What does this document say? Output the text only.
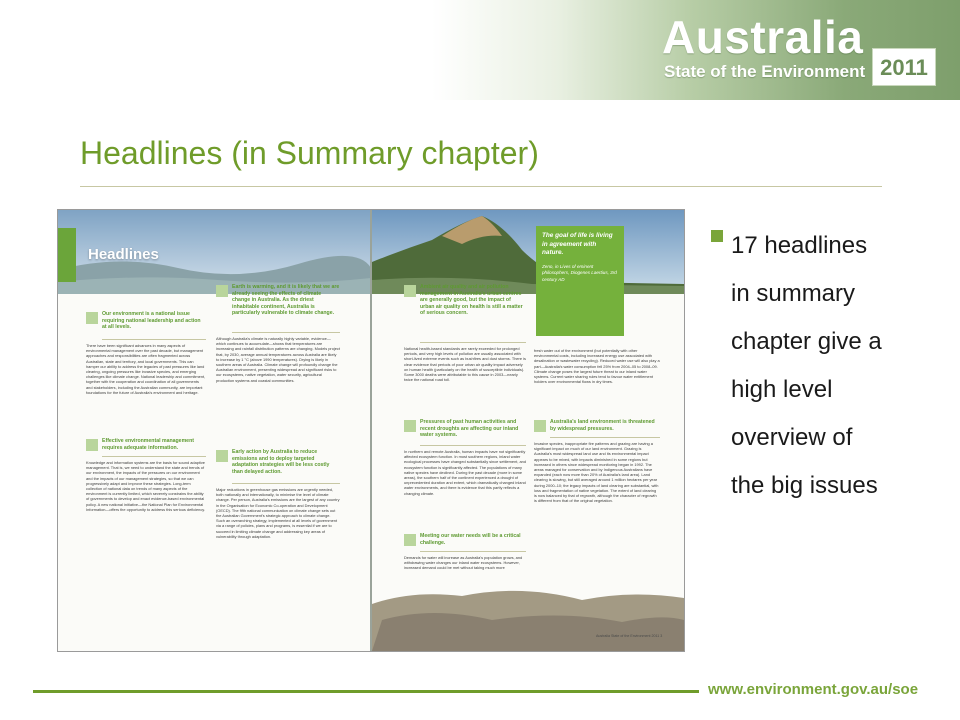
Australia
State of the Environment 2011
Headlines (in Summary chapter)
Headlines
Our environment is a national issue requiring national leadership and action at all levels.
There have been significant advances in many aspects of environmental management over the past decade, but management approaches and responsibilities are often fragmented across Australian, state and territory, and local governments. This can hamper our ability to address the legacies of past pressures like land clearing, ongoing pressures like invasive species, and emerging challenges like climate change. National leadership and commitment, together with the cooperation and coordination of all governments and stakeholders, including the Australian community, are important foundations for the future of Australia's environment and heritage.
Effective environmental management requires adequate information.
Knowledge and information systems are the basis for sound adaptive management. That is, we need to understand the state and trends of our environment, the impacts of the pressures on our environment and the impacts of our management strategies, so that we can progressively adapt and improve these strategies. Long-term collection of national data on trends of many aspects of the environment is currently limited, which severely constrains the ability of governments to develop and enact evidence-based environmental policy. A new national initiative—the National Plan for Environmental Information—offers the opportunity to address this serious deficiency.
Earth is warming, and it is likely that we are already seeing the effects of climate change in Australia. As the driest inhabitable continent, Australia is particularly vulnerable to climate change.
Although Australia's climate is naturally highly variable, evidence—which continues to accumulate—shows that temperatures are increasing and rainfall distribution patterns are changing. Models project that, by 2030, average annual temperatures across Australia are likely to increase by 1 °C (above 1990 temperatures). Drying is likely in southern areas of Australia. Climate change will profoundly change the Australian environment, presenting widespread and significant risks to our ecosystems, native vegetation, water security, agricultural production systems and coastal communities.
Early action by Australia to reduce emissions and to deploy targeted adaptation strategies will be less costly than delayed action.
Major reductions in greenhouse gas emissions are urgently needed, both nationally and internationally, to minimise the level of climate change. Per person, Australia's emissions are the largest of any country in the Organisation for Economic Co-operation and Development (OECD). The fifth national communication on climate change sets out the Australian Government's strategic approach to climate change. Such an overarching strategy, implemented at all levels of government via a range of policies, plans and programs, is essential if we are to succeed in limiting climate change and addressing key areas of vulnerability through adaptation.
The goal of life is living in agreement with nature.
Zeno, in Lives of eminent philosophers, Diogenes Laertius, 3rd century AD
Ambient air quality and air pollution management in Australia's urban centres are generally good, but the impact of urban air quality on health is still a matter of serious concern.
National health-based standards are rarely exceeded for prolonged periods, and very high levels of pollution are usually associated with short-lived extreme events such as bushfires and dust storms. There is clear evidence that periods of poor urban air quality impact adversely on human health (particularly on the health of susceptible individuals). Some 3000 deaths were attributable to this cause in 2003—nearly twice the national road toll.
Pressures of past human activities and recent droughts are affecting our inland water systems.
In northern and remote Australia, human impacts have not significantly affected ecosystem function. In most southern regions, inland water ecological processes have changed substantially since settlement, and ecosystem function is significantly affected. The populations of many native species have declined. During the past decade (more in some areas), the southern half of the continent experienced a drought of unprecedented duration and extent, which dramatically changed inland water environments, and there is evidence that this partly reflects a changing climate.
Meeting our water needs will be a critical challenge.
Demands for water will increase as Australia's population grows, and withdrawing water changes our inland water ecosystems. However, increased demand could be met without taking much more
fresh water out of the environment (but potentially with other environmental costs, including increased energy use associated with desalination or wastewater recycling). Reduced water use will also play a part—Australia's water consumption fell 25% from 2004–05 to 2008–09. Climate change poses the largest future threat to our inland water systems. Current water sharing rules tend to favour water entitlement holders over environmental flows in dry times.
Australia's land environment is threatened by widespread pressures.
Invasive species, inappropriate fire patterns and grazing are having a significant impact on much of our land environment. Grazing is Australia's most widespread land use and its environmental impact appears to be mixed, with impacts diminished in some regions but increased in others since widespread monitoring began in 1992. The areas managed for conservation and by Indigenous Australians have expanded (each now more than 20% of Australia's land area). Land clearing is slowing, but still averaged around 1 million hectares per year during 2000–10; the legacy impacts of land clearing are substantial, with loss and fragmentation of native vegetation. The extent of land clearing is now balanced by that of regrowth, although the character of regrowth is different from that of the original vegetation.
Australia State of the Environment 2011 3
17 headlines
in summary
chapter give a
high level
overview of
the big issues
www.environment.gov.au/soe
